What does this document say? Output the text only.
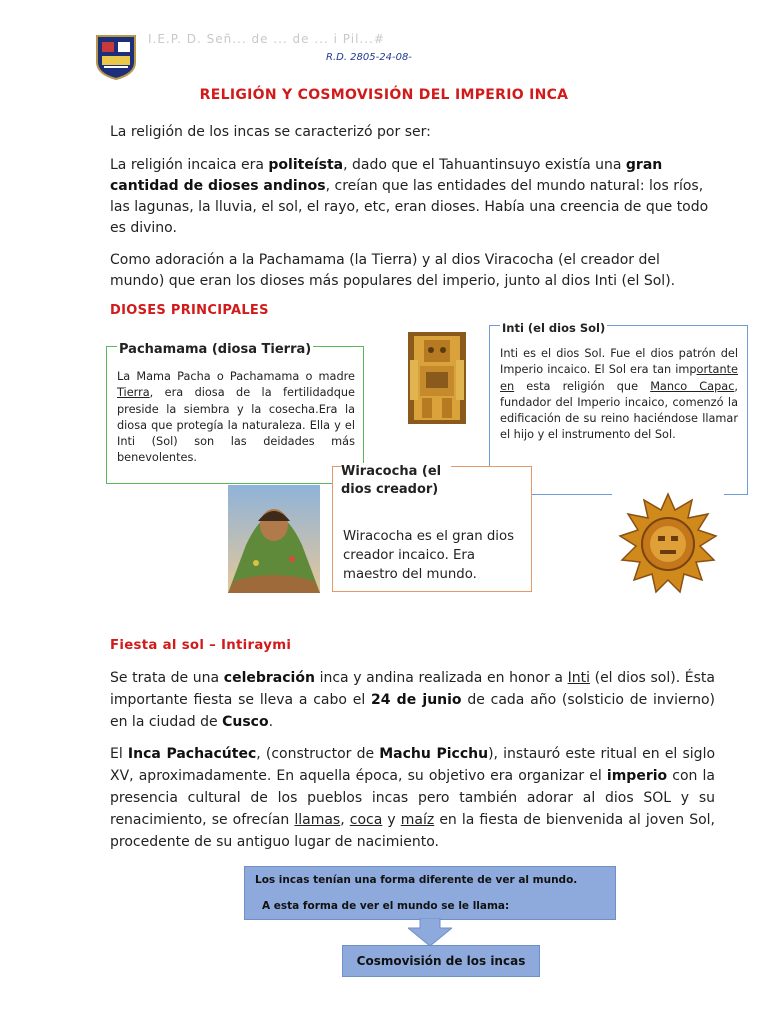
I.E.P. D. Señ... de ... de ... i Pil...#
R.D. 2805-24-08-
RELIGIÓN Y COSMOVISIÓN DEL IMPERIO INCA
La religión de los incas se caracterizó por ser:
La religión incaica era politeísta, dado que el Tahuantinsuyo existía una gran cantidad de dioses andinos, creían que las entidades del mundo natural: los ríos, las lagunas, la lluvia, el sol, el rayo, etc, eran dioses. Había una creencia de que todo es divino.
Como adoración a la Pachamama (la Tierra) y al dios Viracocha (el creador del mundo) que eran los dioses más populares del imperio, junto al dios Inti (el Sol).
DIOSES PRINCIPALES
Pachamama (diosa Tierra)
La Mama Pacha o Pachamama o madre Tierra, era diosa de la fertilidadque preside la siembra y la cosecha.Era la diosa que protegía la naturaleza. Ella y el Inti (Sol) son las deidades más benevolentes.
Inti (el dios Sol)
Inti es el dios Sol. Fue el dios patrón del Imperio incaico. El Sol era tan importante en esta religión que Manco Capac, fundador del Imperio incaico, comenzó la edificación de su reino haciéndose llamar el hijo y el instrumento del Sol.
Wiracocha (el dios creador)
Wiracocha es el gran dios creador incaico. Era maestro del mundo.
Fiesta al sol – Intiraymi
Se trata de una celebración inca y andina realizada en honor a Inti (el dios sol). Ésta importante fiesta se lleva a cabo el 24 de junio de cada año (solsticio de invierno) en la ciudad de Cusco.
El Inca Pachacútec, (constructor de Machu Picchu), instauró este ritual en el siglo XV, aproximadamente. En aquella época, su objetivo era organizar el imperio con la presencia cultural de los pueblos incas pero también adorar al dios SOL y su renacimiento, se ofrecían llamas, coca y maíz en la fiesta de bienvenida al joven Sol, procedente de su antiguo lugar de nacimiento.
Los incas tenían una forma diferente de ver al mundo.
A esta forma de ver el mundo se le llama:
Cosmovisión de los incas
